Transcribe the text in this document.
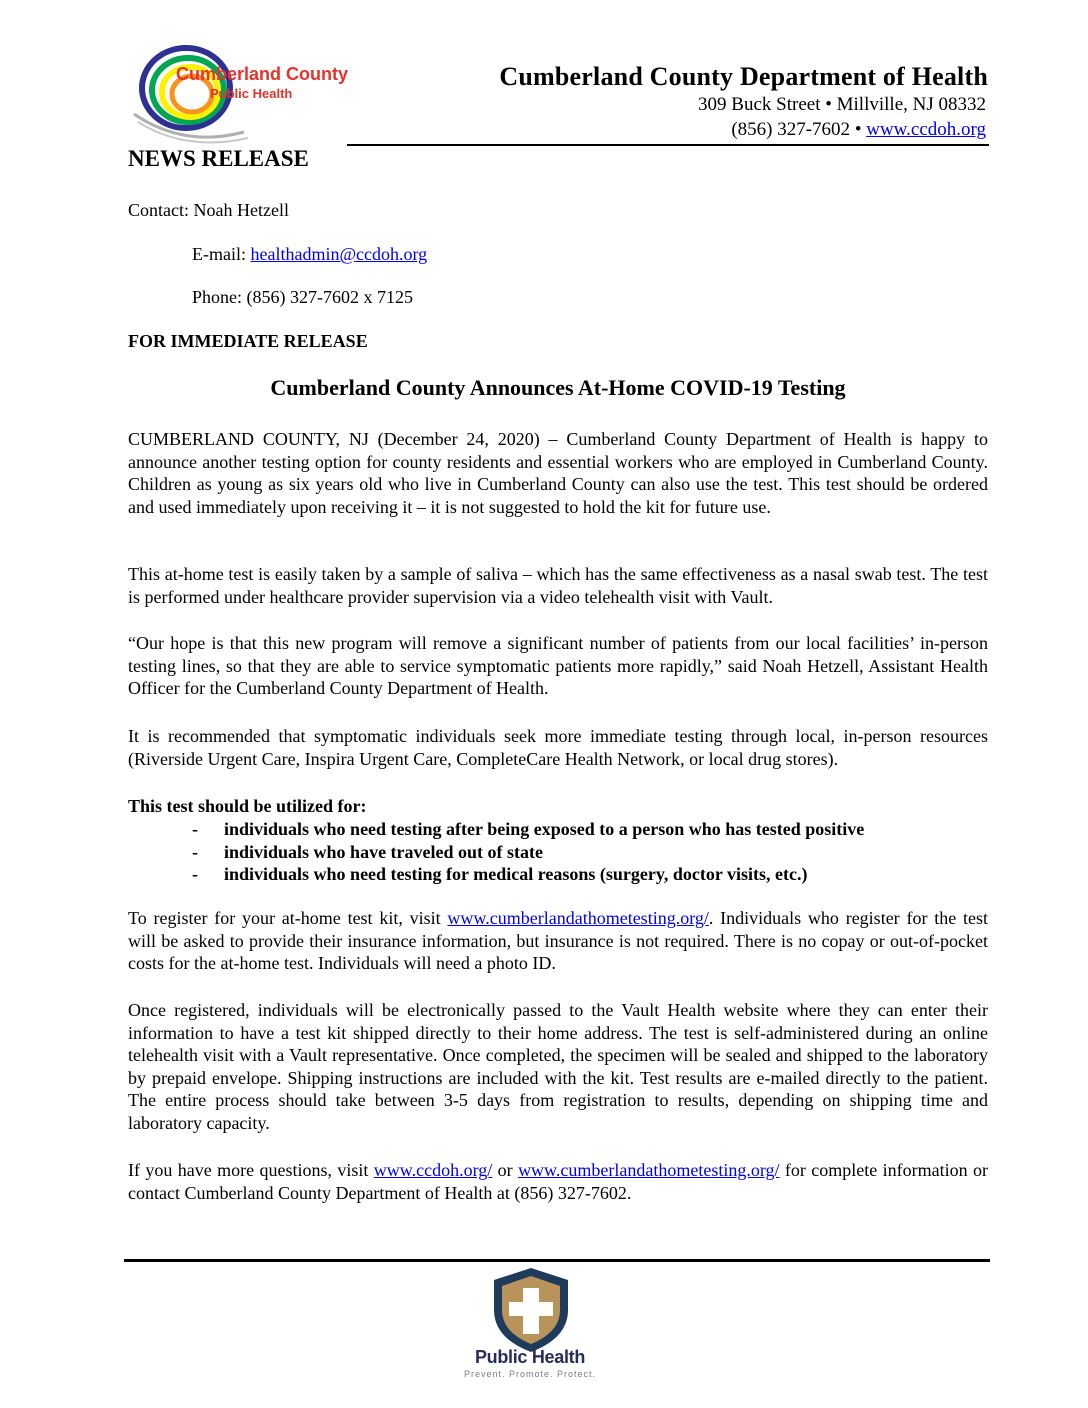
Cumberland County
Public Health
Cumberland County Department of Health
309 Buck Street • Millville, NJ 08332
(856) 327-7602 • www.ccdoh.org
NEWS RELEASE
Contact: Noah Hetzell
E-mail: healthadmin@ccdoh.org
Phone: (856) 327-7602 x 7125
FOR IMMEDIATE RELEASE
Cumberland County Announces At-Home COVID-19 Testing
CUMBERLAND COUNTY, NJ (December 24, 2020) – Cumberland County Department of Health is happy to announce another testing option for county residents and essential workers who are employed in Cumberland County. Children as young as six years old who live in Cumberland County can also use the test. This test should be ordered and used immediately upon receiving it – it is not suggested to hold the kit for future use.
This at-home test is easily taken by a sample of saliva – which has the same effectiveness as a nasal swab test. The test is performed under healthcare provider supervision via a video telehealth visit with Vault.
“Our hope is that this new program will remove a significant number of patients from our local facilities’ in-person testing lines, so that they are able to service symptomatic patients more rapidly,” said Noah Hetzell, Assistant Health Officer for the Cumberland County Department of Health.
It is recommended that symptomatic individuals seek more immediate testing through local, in-person resources (Riverside Urgent Care, Inspira Urgent Care, CompleteCare Health Network, or local drug stores).
This test should be utilized for:
- individuals who need testing after being exposed to a person who has tested positive
- individuals who have traveled out of state
- individuals who need testing for medical reasons (surgery, doctor visits, etc.)
To register for your at-home test kit, visit www.cumberlandathometesting.org/. Individuals who register for the test will be asked to provide their insurance information, but insurance is not required. There is no copay or out-of-pocket costs for the at-home test. Individuals will need a photo ID.
Once registered, individuals will be electronically passed to the Vault Health website where they can enter their information to have a test kit shipped directly to their home address. The test is self-administered during an online telehealth visit with a Vault representative. Once completed, the specimen will be sealed and shipped to the laboratory by prepaid envelope. Shipping instructions are included with the kit. Test results are e-mailed directly to the patient. The entire process should take between 3-5 days from registration to results, depending on shipping time and laboratory capacity.
If you have more questions, visit www.ccdoh.org/ or www.cumberlandathometesting.org/ for complete information or contact Cumberland County Department of Health at (856) 327-7602.
Public Health
Prevent. Promote. Protect.
